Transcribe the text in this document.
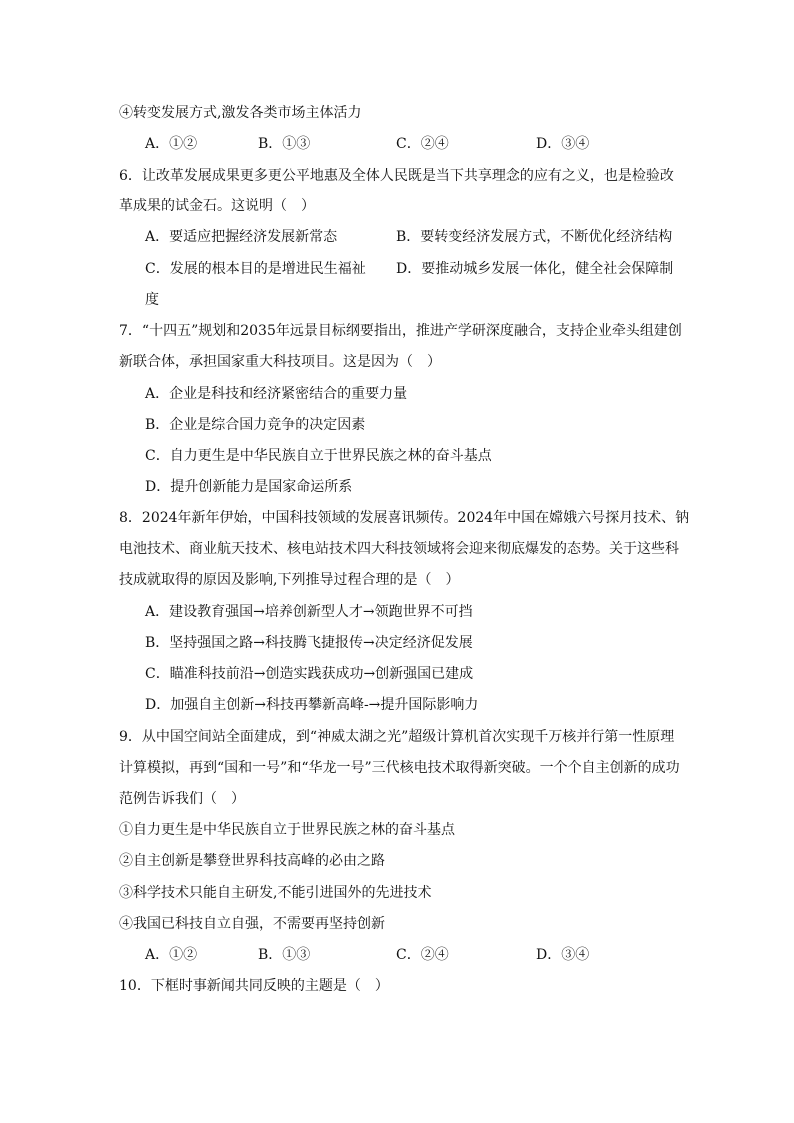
④转变发展方式,激发各类市场主体活力
A．①②	B．①③	C．②④	D．③④
6．让改革发展成果更多更公平地惠及全体人民既是当下共享理念的应有之义，也是检验改
革成果的试金石。这说明（　）
A．要适应把握经济发展新常态	B．要转变经济发展方式，不断优化经济结构
C．发展的根本目的是增进民生福祉 D．要推动城乡发展一体化，健全社会保障制
度
7．“十四五”规划和2035年远景目标纲要指出，推进产学研深度融合，支持企业牵头组建创
新联合体，承担国家重大科技项目。这是因为（　）
A．企业是科技和经济紧密结合的重要力量
B．企业是综合国力竞争的决定因素
C．自力更生是中华民族自立于世界民族之林的奋斗基点
D．提升创新能力是国家命运所系
8．2024年新年伊始，中国科技领域的发展喜讯频传。2024年中国在嫦娥六号探月技术、钠
电池技术、商业航天技术、核电站技术四大科技领域将会迎来彻底爆发的态势。关于这些科
技成就取得的原因及影响,下列推导过程合理的是（　）
A．建设教育强国→培养创新型人才→领跑世界不可挡
B．坚持强国之路→科技腾飞捷报传→决定经济促发展
C．瞄准科技前沿→创造实践获成功→创新强国已建成
D．加强自主创新→科技再攀新高峰-→提升国际影响力
9．从中国空间站全面建成，到“神威太湖之光”超级计算机首次实现千万核并行第一性原理
计算模拟，再到“国和一号”和“华龙一号”三代核电技术取得新突破。一个个自主创新的成功
范例告诉我们（　）
①自力更生是中华民族自立于世界民族之林的奋斗基点
②自主创新是攀登世界科技高峰的必由之路
③科学技术只能自主研发,不能引进国外的先进技术
④我国已科技自立自强，不需要再坚持创新
A．①②	B．①③	C．②④	D．③④
10．下框时事新闻共同反映的主题是（　）
